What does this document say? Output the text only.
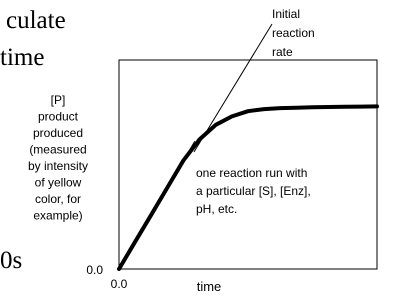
culate
time
0s
[P]
product
produced
(measured
by intensity
of yellow
color, for
example)
Initial
reaction
rate
one reaction run with
a particular [S], [Enz],
pH, etc.
0.0
0.0	time
